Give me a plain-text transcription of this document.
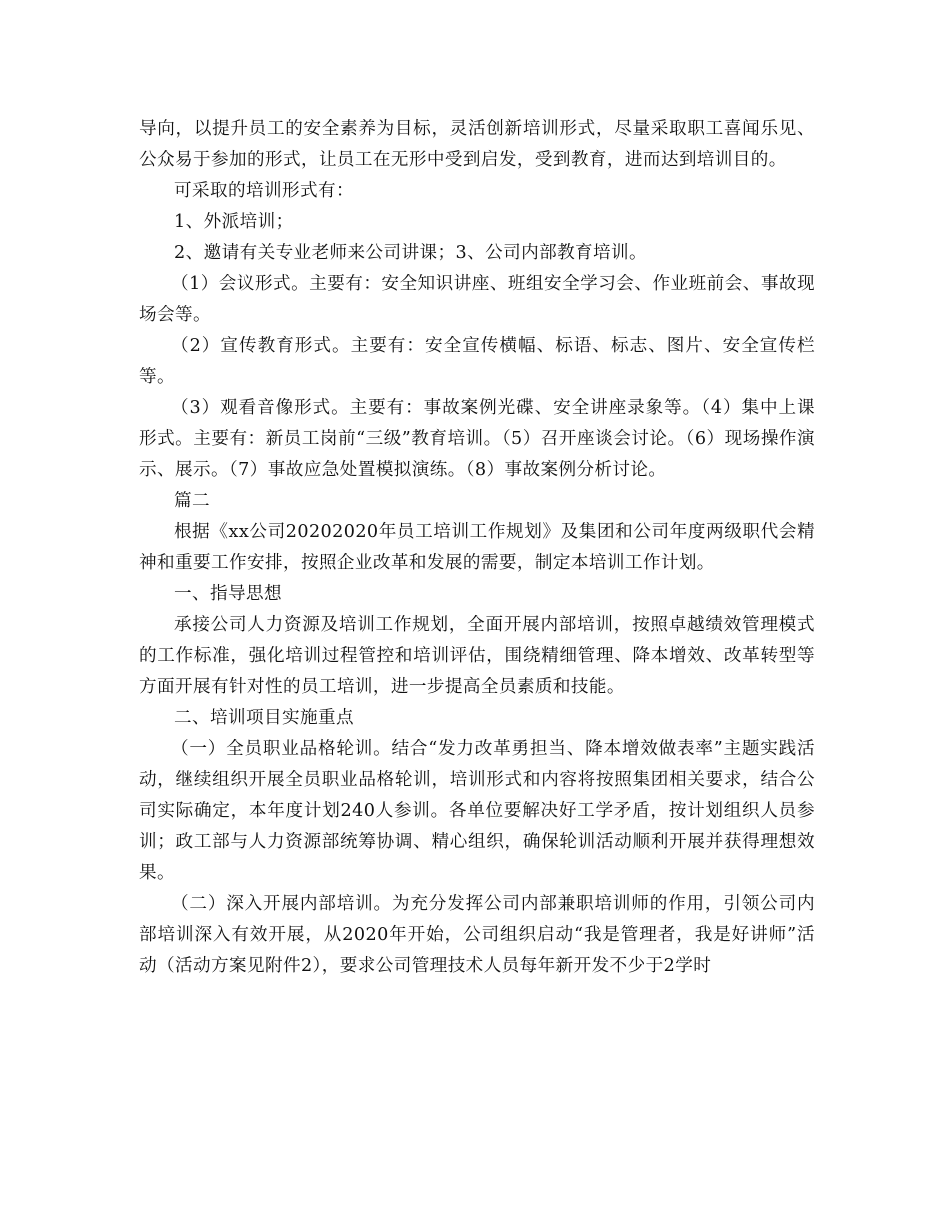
导向，以提升员工的安全素养为目标，灵活创新培训形式，尽量采取职工喜闻乐见、公众易于参加的形式，让员工在无形中受到启发，受到教育，进而达到培训目的。

可采取的培训形式有：

1、外派培训；

2、邀请有关专业老师来公司讲课；3、公司内部教育培训。

（1）会议形式。主要有：安全知识讲座、班组安全学习会、作业班前会、事故现场会等。

（2）宣传教育形式。主要有：安全宣传横幅、标语、标志、图片、安全宣传栏等。

（3）观看音像形式。主要有：事故案例光碟、安全讲座录象等。（4）集中上课形式。主要有：新员工岗前“三级”教育培训。（5）召开座谈会讨论。（6）现场操作演示、展示。（7）事故应急处置模拟演练。（8）事故案例分析讨论。

篇二

根据《xx公司20202020年员工培训工作规划》及集团和公司年度两级职代会精神和重要工作安排，按照企业改革和发展的需要，制定本培训工作计划。

一、指导思想

承接公司人力资源及培训工作规划，全面开展内部培训，按照卓越绩效管理模式的工作标准，强化培训过程管控和培训评估，围绕精细管理、降本增效、改革转型等方面开展有针对性的员工培训，进一步提高全员素质和技能。

二、培训项目实施重点

（一）全员职业品格轮训。结合“发力改革勇担当、降本增效做表率”主题实践活动，继续组织开展全员职业品格轮训，培训形式和内容将按照集团相关要求，结合公司实际确定，本年度计划240人参训。各单位要解决好工学矛盾，按计划组织人员参训；政工部与人力资源部统筹协调、精心组织，确保轮训活动顺利开展并获得理想效果。

（二）深入开展内部培训。为充分发挥公司内部兼职培训师的作用，引领公司内部培训深入有效开展，从2020年开始，公司组织启动“我是管理者，我是好讲师”活动（活动方案见附件2），要求公司管理技术人员每年新开发不少于2学时
